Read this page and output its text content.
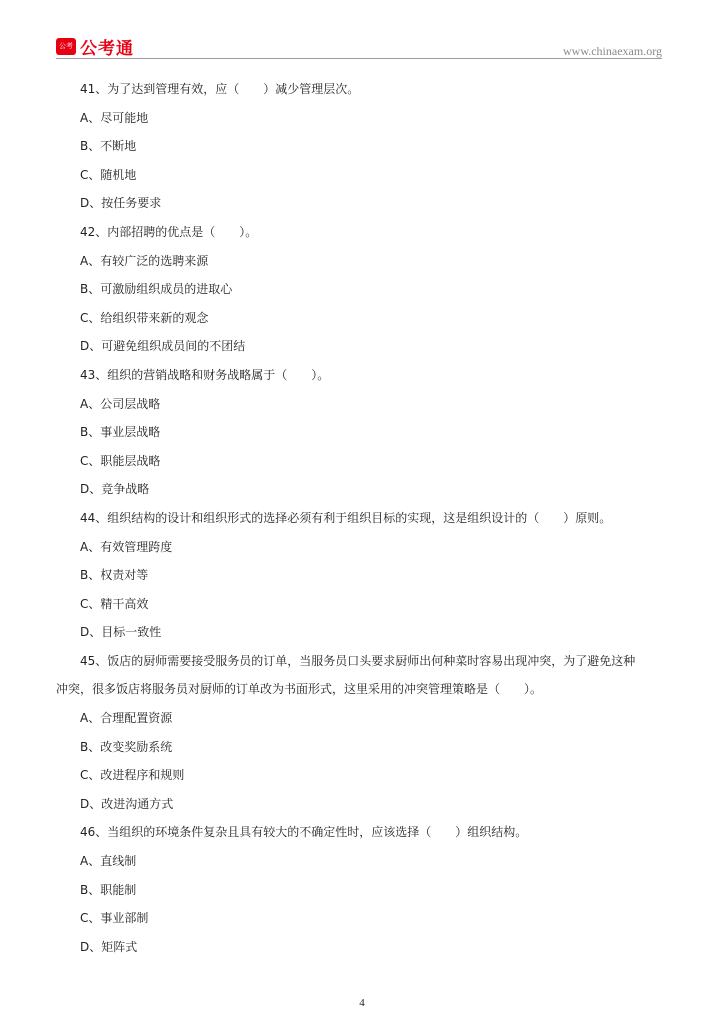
公考通
公考通	www.chinaexam.org
41、为了达到管理有效，应（　　）减少管理层次。
A、尽可能地
B、不断地
C、随机地
D、按任务要求
42、内部招聘的优点是（　　）。
A、有较广泛的选聘来源
B、可激励组织成员的进取心
C、给组织带来新的观念
D、可避免组织成员间的不团结
43、组织的营销战略和财务战略属于（　　）。
A、公司层战略
B、事业层战略
C、职能层战略
D、竞争战略
44、组织结构的设计和组织形式的选择必须有利于组织目标的实现，这是组织设计的（　　）原则。
A、有效管理跨度
B、权责对等
C、精干高效
D、目标一致性
45、饭店的厨师需要接受服务员的订单，当服务员口头要求厨师出何种菜时容易出现冲突，为了避免这种
冲突，很多饭店将服务员对厨师的订单改为书面形式，这里采用的冲突管理策略是（　　）。
A、合理配置资源
B、改变奖励系统
C、改进程序和规则
D、改进沟通方式
46、当组织的环境条件复杂且具有较大的不确定性时，应该选择（　　）组织结构。
A、直线制
B、职能制
C、事业部制
D、矩阵式
4
